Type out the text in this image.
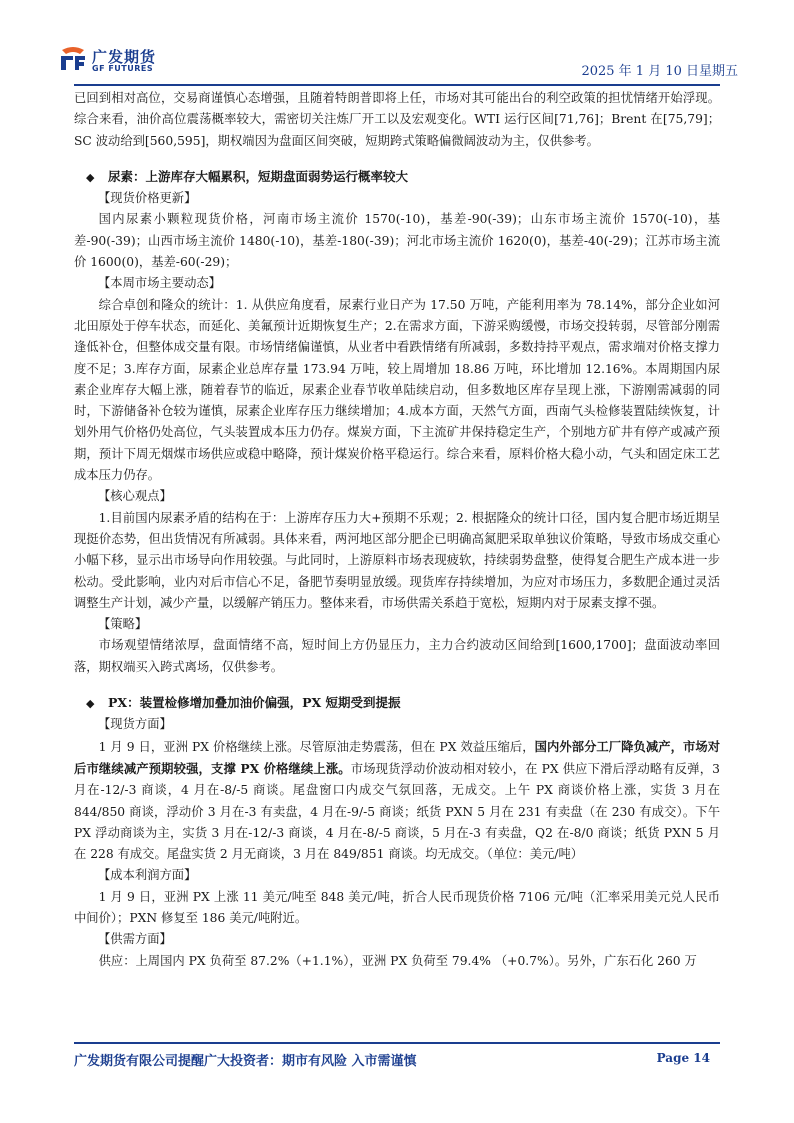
广发期货
GF FUTURES	2025 年 1 月 10 日星期五

已回到相对高位，交易商谨慎心态增强，且随着特朗普即将上任，市场对其可能出台的利空政策的担忧情绪开始浮现。综合来看，油价高位震荡概率较大，需密切关注炼厂开工以及宏观变化。WTI 运行区间[71,76]；Brent 在[75,79]；SC 波动给到[560,595]，期权端因为盘面区间突破，短期跨式策略偏微阔波动为主，仅供参考。

◆ 尿素：上游库存大幅累积，短期盘面弱势运行概率较大

【现货价格更新】

国内尿素小颗粒现货价格，河南市场主流价 1570(-10)，基差-90(-39)；山东市场主流价 1570(-10)，基差-90(-39)；山西市场主流价 1480(-10)，基差-180(-39)；河北市场主流价 1620(0)，基差-40(-29)；江苏市场主流价 1600(0)，基差-60(-29)；

【本周市场主要动态】

综合卓创和隆众的统计：1. 从供应角度看，尿素行业日产为 17.50 万吨，产能利用率为 78.14%，部分企业如河北田原处于停车状态，而延化、美氟预计近期恢复生产；2.在需求方面，下游采购缓慢，市场交投转弱，尽管部分刚需逢低补仓，但整体成交量有限。市场情绪偏谨慎，从业者中看跌情绪有所减弱，多数持持平观点，需求端对价格支撑力度不足；3.库存方面，尿素企业总库存量 173.94 万吨，较上周增加 18.86 万吨，环比增加 12.16%。本周期国内尿素企业库存大幅上涨，随着春节的临近，尿素企业春节收单陆续启动，但多数地区库存呈现上涨，下游刚需减弱的同时，下游储备补仓较为谨慎，尿素企业库存压力继续增加；4.成本方面，天然气方面，西南气头检修装置陆续恢复，计划外用气价格仍处高位，气头装置成本压力仍存。煤炭方面，下主流矿井保持稳定生产，个别地方矿井有停产或减产预期，预计下周无烟煤市场供应或稳中略降，预计煤炭价格平稳运行。综合来看，原料价格大稳小动，气头和固定床工艺成本压力仍存。

【核心观点】

1.目前国内尿素矛盾的结构在于：上游库存压力大+预期不乐观；2. 根据隆众的统计口径，国内复合肥市场近期呈现挺价态势，但出货情况有所减弱。具体来看，两河地区部分肥企已明确高氮肥采取单独议价策略，导致市场成交重心小幅下移，显示出市场导向作用较强。与此同时，上游原料市场表现疲软，持续弱势盘整，使得复合肥生产成本进一步松动。受此影响，业内对后市信心不足，备肥节奏明显放缓。现货库存持续增加，为应对市场压力，多数肥企通过灵活调整生产计划，减少产量，以缓解产销压力。整体来看，市场供需关系趋于宽松，短期内对于尿素支撑不强。

【策略】

市场观望情绪浓厚，盘面情绪不高，短时间上方仍显压力，主力合约波动区间给到[1600,1700]；盘面波动率回落，期权端买入跨式离场，仅供参考。

◆ PX：装置检修增加叠加油价偏强，PX 短期受到提振

【现货方面】

1 月 9 日，亚洲 PX 价格继续上涨。尽管原油走势震荡，但在 PX 效益压缩后，国内外部分工厂降负减产，市场对后市继续减产预期较强，支撑 PX 价格继续上涨。市场现货浮动价波动相对较小，在 PX 供应下滑后浮动略有反弹，3 月在-12/-3 商谈，4 月在-8/-5 商谈。尾盘窗口内成交气氛回落，无成交。上午 PX 商谈价格上涨，实货 3 月在 844/850 商谈，浮动价 3 月在-3 有卖盘，4 月在-9/-5 商谈；纸货 PXN 5 月在 231 有卖盘（在 230 有成交）。下午 PX 浮动商谈为主，实货 3 月在-12/-3 商谈，4 月在-8/-5 商谈，5 月在-3 有卖盘，Q2 在-8/0 商谈；纸货 PXN 5 月在 228 有成交。尾盘实货 2 月无商谈，3 月在 849/851 商谈。均无成交。（单位：美元/吨）

【成本利润方面】

1 月 9 日，亚洲 PX 上涨 11 美元/吨至 848 美元/吨，折合人民币现货价格 7106 元/吨（汇率采用美元兑人民币中间价）；PXN 修复至 186 美元/吨附近。

【供需方面】

供应：上周国内 PX 负荷至 87.2%（+1.1%），亚洲 PX 负荷至 79.4% （+0.7%）。另外，广东石化 260 万

广发期货有限公司提醒广大投资者：期市有风险 入市需谨慎	Page 14
